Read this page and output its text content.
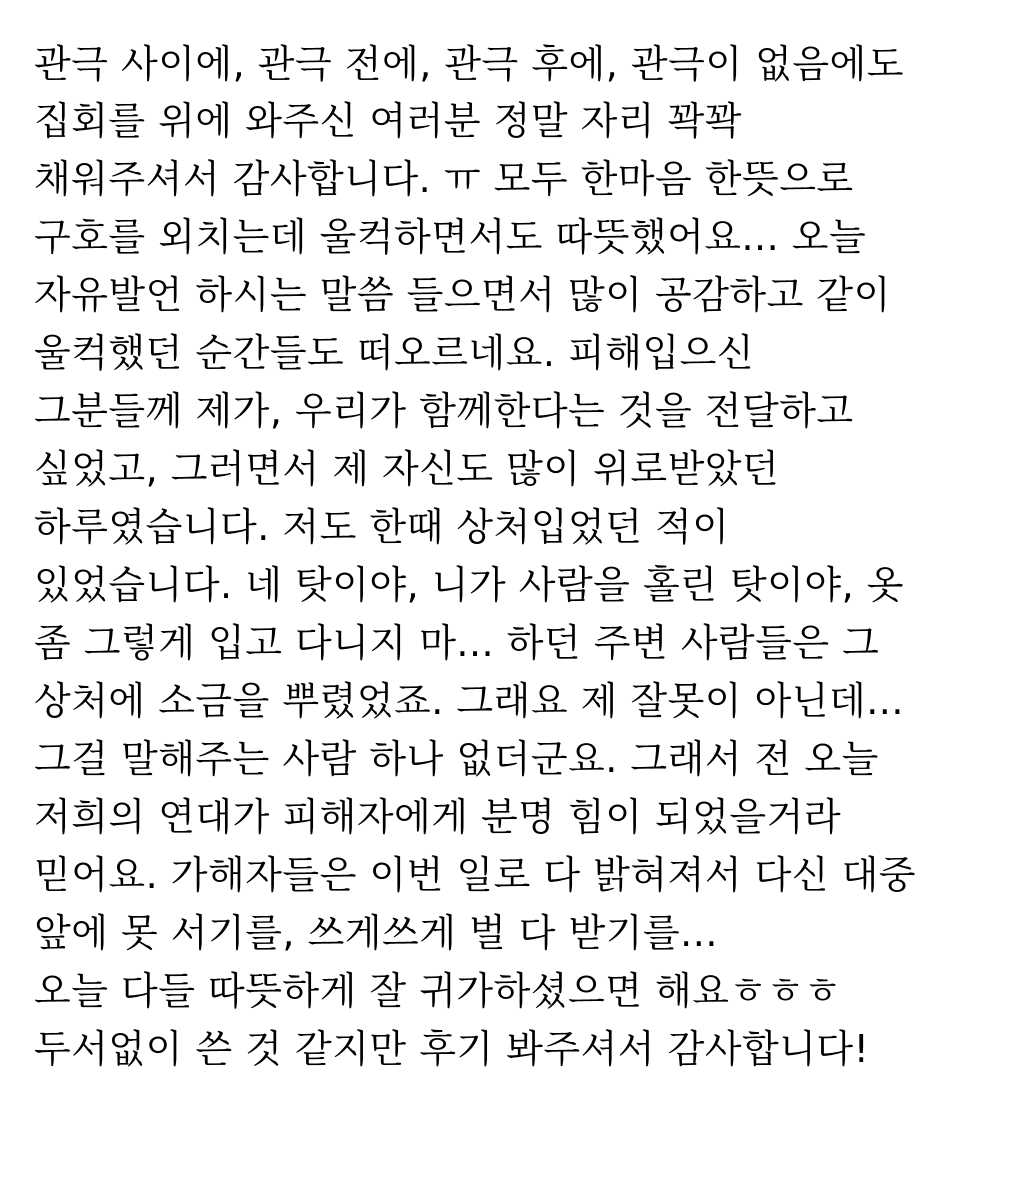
관극 사이에, 관극 전에, 관극 후에, 관극이 없음에도
집회를 위에 와주신 여러분 정말 자리 꽉꽉
채워주셔서 감사합니다. ㅠ 모두 한마음 한뜻으로
구호를 외치는데 울컥하면서도 따뜻했어요... 오늘
자유발언 하시는 말씀 들으면서 많이 공감하고 같이
울컥했던 순간들도 떠오르네요. 피해입으신
그분들께 제가, 우리가 함께한다는 것을 전달하고
싶었고, 그러면서 제 자신도 많이 위로받았던
하루였습니다. 저도 한때 상처입었던 적이
있었습니다. 네 탓이야, 니가 사람을 홀린 탓이야, 옷
좀 그렇게 입고 다니지 마... 하던 주변 사람들은 그
상처에 소금을 뿌렸었죠. 그래요 제 잘못이 아닌데...
그걸 말해주는 사람 하나 없더군요. 그래서 전 오늘
저희의 연대가 피해자에게 분명 힘이 되었을거라
믿어요. 가해자들은 이번 일로 다 밝혀져서 다신 대중
앞에 못 서기를, 쓰게쓰게 벌 다 받기를...
오늘 다들 따뜻하게 잘 귀가하셨으면 해요ㅎㅎㅎ
두서없이 쓴 것 같지만 후기 봐주셔서 감사합니다!
